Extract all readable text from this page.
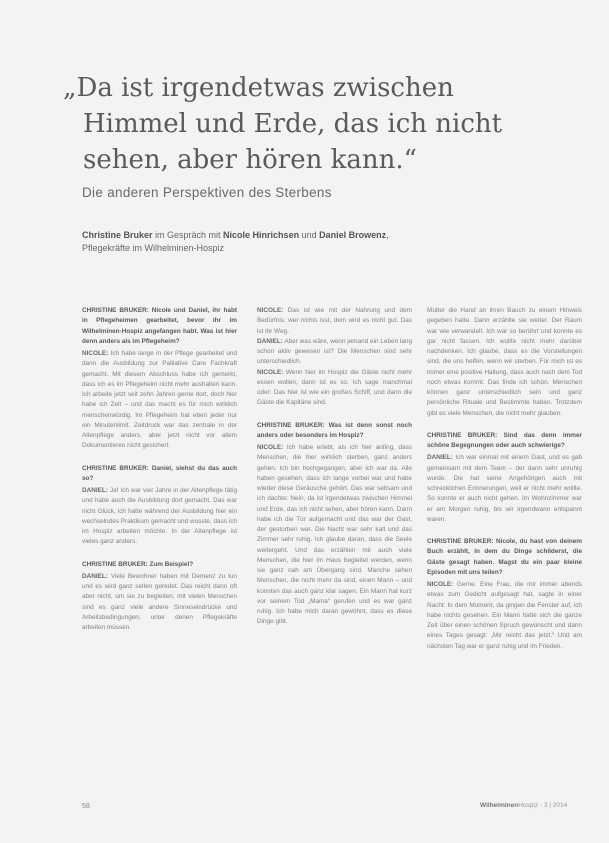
„Da ist irgendetwas zwischen
Himmel und Erde, das ich nicht
sehen, aber hören kann.“
Die anderen Perspektiven des Sterbens
Christine Bruker im Gespräch mit Nicole Hinrichsen und Daniel Browenz,
Pflegekräfte im Wilhelminen-Hospiz

CHRISTINE BRUKER: Nicole und Daniel, ihr habt in Pflegeheimen gearbeitet, bevor ihr im Wilhelminen-Hospiz angefangen habt. Was ist hier denn anders als im Pflegeheim?

NICOLE: Ich habe lange in der Pflege gearbeitet und dann die Ausbildung zur Palliative Care Fachkraft gemacht. Mit diesem Abschluss habe ich gemerkt, dass ich es im Pflegeheim nicht mehr aushalten kann. Ich arbeite jetzt seit zehn Jahren gerne dort, doch hier habe ich Zeit – und das macht es für mich wirklich menschenwürdig. Im Pflegeheim hat eben jeder nur ein Minutenlimit. Zeitdruck war das zentrale in der Altenpflege anders, aber jetzt nicht vor allem Dokumentieren nicht gesichert.

CHRISTINE BRUKER: Daniel, siehst du das auch so?

DANIEL: Ja! Ich war vier Jahre in der Altenpflege tätig und habe auch die Ausbildung dort gemacht. Das war nicht Glück, ich hatte während der Ausbildung hier ein wechselndes Praktikum gemacht und wusste, dass ich im Hospiz arbeiten möchte. In der Altenpflege ist vieles ganz anders.

CHRISTINE BRUKER: Zum Beispiel?

DANIEL: Viele Bewohner haben mit Demenz zu tun und es wird ganz selten geredet. Das reicht dann oft aber nicht, um sie zu begleiten, mit vielen Menschen sind es ganz viele andere Sinneseindrücke und Arbeitsbedingungen, unter denen Pflegekräfte arbeiten müssen.

NICOLE: Das ist wie mit der Nahrung und dem Bedürfnis: wer nichts isst, dem wird es nicht gut. Das ist ihr Weg.

DANIEL: Aber was wäre, wenn jemand ein Leben lang schon aktiv gewesen ist? Die Menschen sind sehr unterschiedlich.

NICOLE: Wenn hier im Hospiz die Gäste nicht mehr essen wollen, dann ist es so. Ich sage manchmal oder: Das hier ist wie ein großes Schiff, und dann die Gäste die Kapitäne sind.

CHRISTINE BRUKER: Was ist denn sonst noch anders oder besonders im Hospiz?

NICOLE: Ich habe erlebt, als ich hier anfing, dass Menschen, die hier wirklich sterben, ganz anders gehen. Ich bin hochgegangen, aber ich war da. Alle haben gesehen, dass ich lange vorbei war und habe wieder diese Geräusche gehört. Das war seltsam und ich dachte: Nein, da ist irgendetwas zwischen Himmel und Erde, das ich nicht sehen, aber hören kann. Dann habe ich die Tür aufgemacht und das war der Gast, der gestorben war. Die Nacht war sehr kalt und das Zimmer sehr ruhig. Ich glaube daran, dass die Seele weitergeht. Und das erzählen mir auch viele Menschen, die hier im Haus begleitet werden, wenn sie ganz nah am Übergang sind. Manche sehen Menschen, die nicht mehr da sind, einen Mann – und konnten das auch ganz klar sagen. Ein Mann hat kurz vor seinem Tod „Mama“ gerufen und es war ganz ruhig. Ich habe mich daran gewöhnt, dass es diese Dinge gibt.

Mutter die Hand an ihren Bauch zu einem Hinweis gegeben hatte. Dann erzählte sie weiter. Der Raum war wie verwandelt. Ich war so berührt und konnte es gar nicht fassen. Ich wollte nicht mehr darüber nachdenken. Ich glaube, dass es die Vorstellungen sind, die uns helfen, wenn wir sterben. Für mich ist es immer eine positive Haltung, dass auch nach dem Tod noch etwas kommt. Das finde ich schön. Menschen können ganz unterschiedlich sein und ganz persönliche Rituale und Bestimmte haben. Trotzdem gibt es viele Menschen, die nicht mehr glauben.

CHRISTINE BRUKER: Sind das denn immer schöne Begegnungen oder auch schwierige?

DANIEL: Ich war einmal mit einem Gast, und es gab gemeinsam mit dem Team – der dann sehr unruhig wurde. Die hat seine Angehörigen auch mit schrecklichen Erinnerungen, weil er nicht mehr wollte. So konnte er auch nicht gehen. Im Wohnzimmer war er am Morgen ruhig, bis wir irgendwann entspannt waren.

CHRISTINE BRUKER: Nicole, du hast von deinem Buch erzählt, in dem du Dinge schilderst, die Gäste gesagt haben. Magst du ein paar kleine Episoden mit uns teilen?

NICOLE: Gerne. Eine Frau, die mir immer abends etwas zum Gedicht aufgesagt hat, sagte in einer Nacht: In dem Moment, da gingen die Fenster auf, ich habe nichts gesehen. Ein Mann hatte sich die ganze Zeit über einen schönen Spruch gewünscht und dann eines Tages gesagt: „Mir reicht das jetzt.“ Und am nächsten Tag war er ganz ruhig und im Frieden.

58	WilhelminenHospiz · 3 | 2014
